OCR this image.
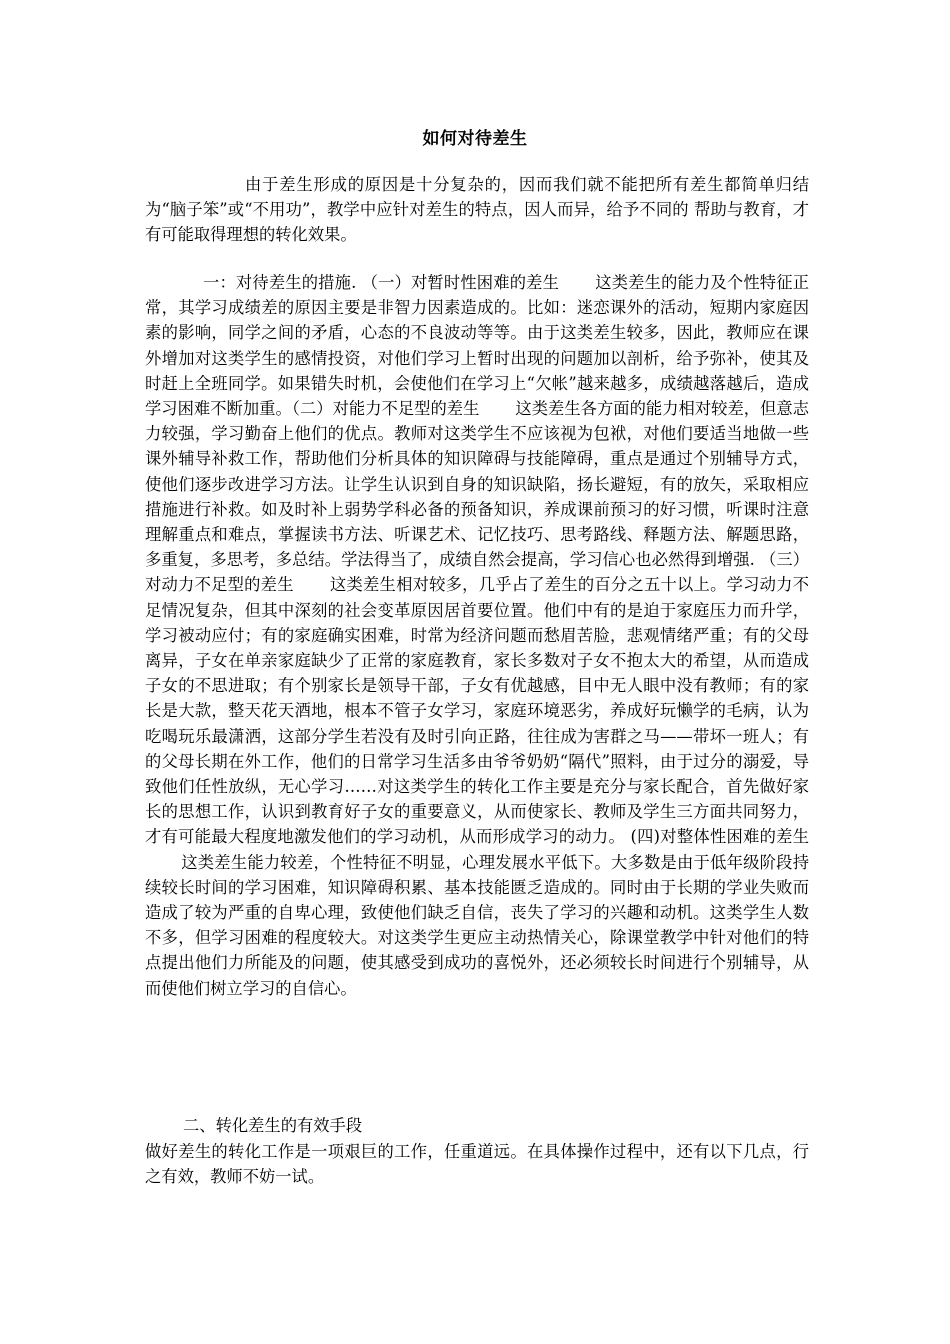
如何对待差生

由于差生形成的原因是十分复杂的，因而我们就不能把所有差生都简单归结为“脑子笨”或“不用功”，教学中应针对差生的特点，因人而异，给予不同的 帮助与教育，才有可能取得理想的转化效果。

一：对待差生的措施. （一）对暂时性困难的差生 这类差生的能力及个性特征正常，其学习成绩差的原因主要是非智力因素造成的。比如：迷恋课外的活动，短期内家庭因素的影响，同学之间的矛盾，心态的不良波动等等。由于这类差生较多，因此，教师应在课外增加对这类学生的感情投资，对他们学习上暂时出现的问题加以剖析，给予弥补，使其及时赶上全班同学。如果错失时机，会使他们在学习上“欠帐”越来越多，成绩越落越后，造成学习困难不断加重。（二）对能力不足型的差生 这类差生各方面的能力相对较差，但意志力较强，学习勤奋上他们的优点。教师对这类学生不应该视为包袱，对他们要适当地做一些课外辅导补救工作，帮助他们分析具体的知识障碍与技能障碍，重点是通过个别辅导方式，使他们逐步改进学习方法。让学生认识到自身的知识缺陷，扬长避短，有的放矢，采取相应措施进行补救。如及时补上弱势学科必备的预备知识，养成课前预习的好习惯，听课时注意理解重点和难点，掌握读书方法、听课艺术、记忆技巧、思考路线、释题方法、解题思路，多重复，多思考，多总结。学法得当了，成绩自然会提高，学习信心也必然得到增强. （三）对动力不足型的差生 这类差生相对较多，几乎占了差生的百分之五十以上。学习动力不足情况复杂，但其中深刻的社会变革原因居首要位置。他们中有的是迫于家庭压力而升学，学习被动应付；有的家庭确实困难，时常为经济问题而愁眉苦脸，悲观情绪严重；有的父母离异，子女在单亲家庭缺少了正常的家庭教育，家长多数对子女不抱太大的希望，从而造成子女的不思进取；有个别家长是领导干部，子女有优越感，目中无人眼中没有教师；有的家长是大款，整天花天酒地，根本不管子女学习，家庭环境恶劣，养成好玩懒学的毛病，认为吃喝玩乐最潇洒，这部分学生若没有及时引向正路，往往成为害群之马——带坏一班人；有的父母长期在外工作，他们的日常学习生活多由爷爷奶奶“隔代”照料，由于过分的溺爱，导致他们任性放纵，无心学习……对这类学生的转化工作主要是充分与家长配合，首先做好家长的思想工作，认识到教育好子女的重要意义，从而使家长、教师及学生三方面共同努力，才有可能最大程度地激发他们的学习动机，从而形成学习的动力。 (四)对整体性困难的差生这类差生能力较差，个性特征不明显，心理发展水平低下。大多数是由于低年级阶段持续较长时间的学习困难，知识障碍积累、基本技能匮乏造成的。同时由于长期的学业失败而造成了较为严重的自卑心理，致使他们缺乏自信，丧失了学习的兴趣和动机。这类学生人数不多，但学习困难的程度较大。对这类学生更应主动热情关心，除课堂教学中针对他们的特点提出他们力所能及的问题，使其感受到成功的喜悦外，还必须较长时间进行个别辅导，从而使他们树立学习的自信心。

二、转化差生的有效手段

做好差生的转化工作是一项艰巨的工作，任重道远。在具体操作过程中，还有以下几点，行之有效，教师不妨一试。
